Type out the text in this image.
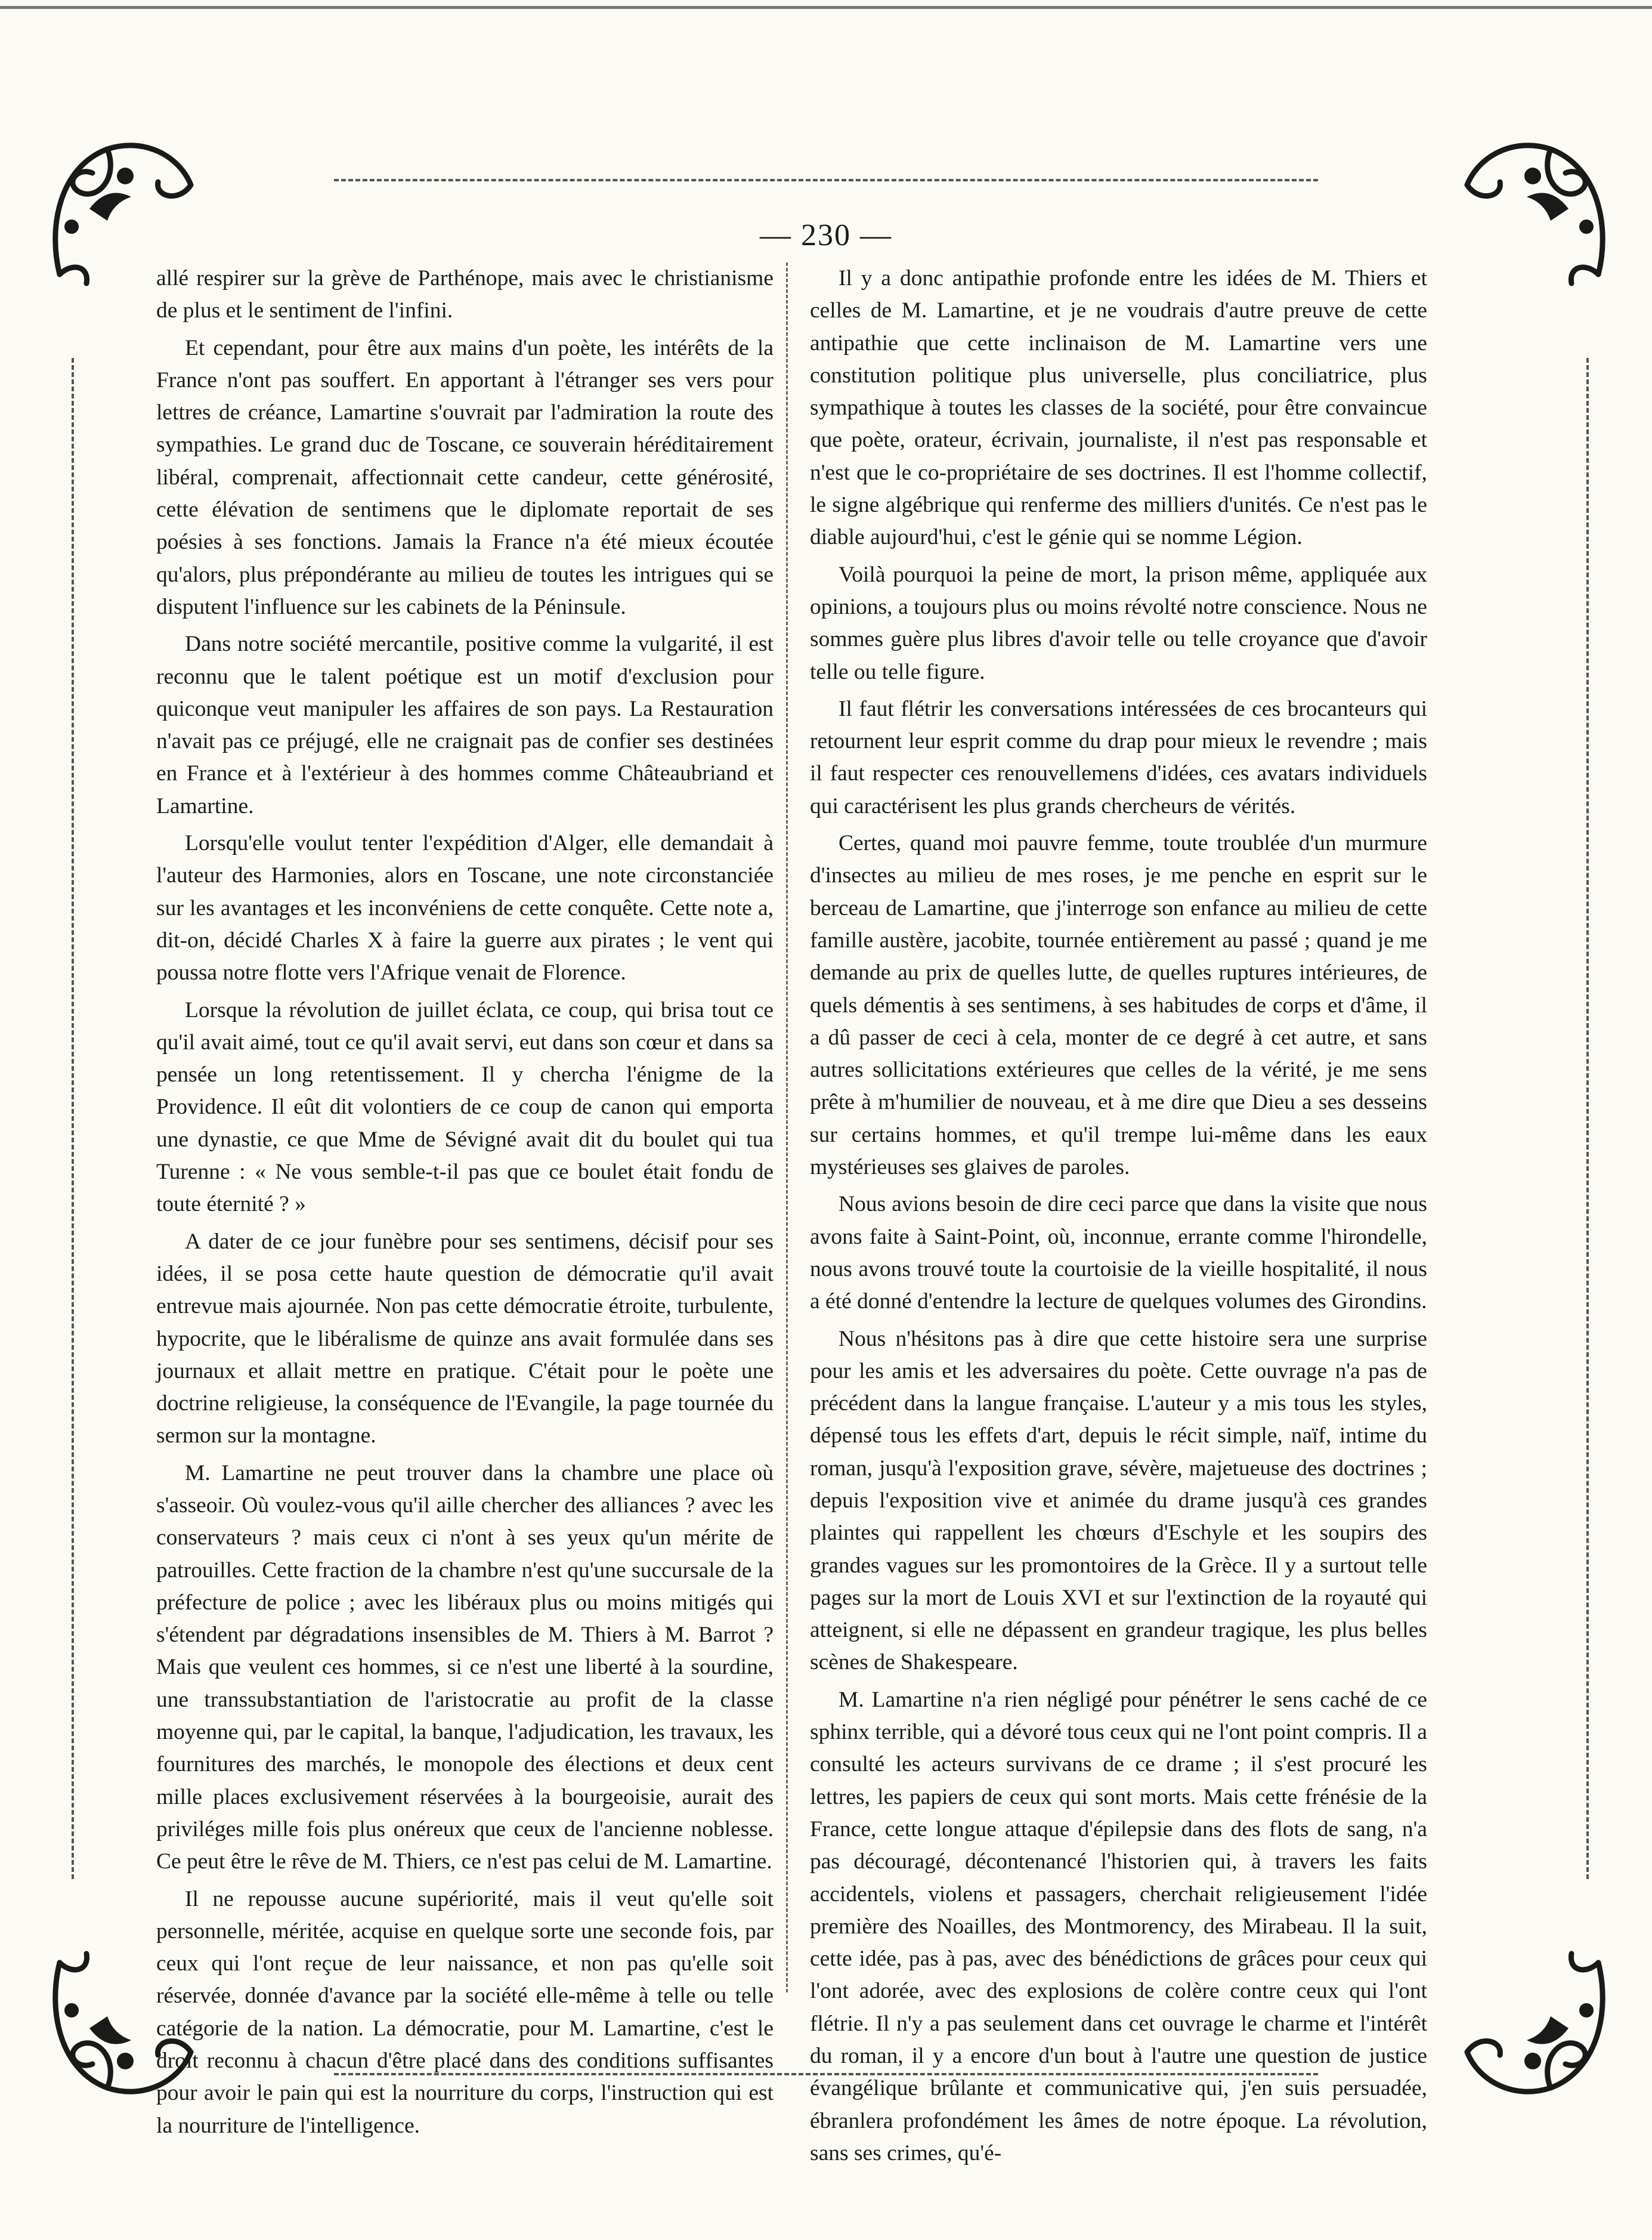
— 230 —

allé respirer sur la grève de Parthénope, mais avec le christianisme de plus et le sentiment de l'infini.

Et cependant, pour être aux mains d'un poète, les intérêts de la France n'ont pas souffert. En apportant à l'étranger ses vers pour lettres de créance, Lamartine s'ouvrait par l'admiration la route des sympathies. Le grand duc de Toscane, ce souverain héréditairement libéral, comprenait, affectionnait cette candeur, cette générosité, cette élévation de sentimens que le diplomate reportait de ses poésies à ses fonctions. Jamais la France n'a été mieux écoutée qu'alors, plus prépondérante au milieu de toutes les intrigues qui se disputent l'influence sur les cabinets de la Péninsule.

Dans notre société mercantile, positive comme la vulgarité, il est reconnu que le talent poétique est un motif d'exclusion pour quiconque veut manipuler les affaires de son pays. La Restauration n'avait pas ce préjugé, elle ne craignait pas de confier ses destinées en France et à l'extérieur à des hommes comme Châteaubriand et Lamartine.

Lorsqu'elle voulut tenter l'expédition d'Alger, elle demandait à l'auteur des Harmonies, alors en Toscane, une note circonstanciée sur les avantages et les inconvéniens de cette conquête. Cette note a, dit-on, décidé Charles X à faire la guerre aux pirates ; le vent qui poussa notre flotte vers l'Afrique venait de Florence.

Lorsque la révolution de juillet éclata, ce coup, qui brisa tout ce qu'il avait aimé, tout ce qu'il avait servi, eut dans son cœur et dans sa pensée un long retentissement. Il y chercha l'énigme de la Providence. Il eût dit volontiers de ce coup de canon qui emporta une dynastie, ce que Mme de Sévigné avait dit du boulet qui tua Turenne : « Ne vous semble-t-il pas que ce boulet était fondu de toute éternité ? »

A dater de ce jour funèbre pour ses sentimens, décisif pour ses idées, il se posa cette haute question de démocratie qu'il avait entrevue mais ajournée. Non pas cette démocratie étroite, turbulente, hypocrite, que le libéralisme de quinze ans avait formulée dans ses journaux et allait mettre en pratique. C'était pour le poète une doctrine religieuse, la conséquence de l'Evangile, la page tournée du sermon sur la montagne.

M. Lamartine ne peut trouver dans la chambre une place où s'asseoir. Où voulez-vous qu'il aille chercher des alliances ? avec les conservateurs ? mais ceux ci n'ont à ses yeux qu'un mérite de patrouilles. Cette fraction de la chambre n'est qu'une succursale de la préfecture de police ; avec les libéraux plus ou moins mitigés qui s'étendent par dégradations insensibles de M. Thiers à M. Barrot ? Mais que veulent ces hommes, si ce n'est une liberté à la sourdine, une transsubstantiation de l'aristocratie au profit de la classe moyenne qui, par le capital, la banque, l'adjudication, les travaux, les fournitures des marchés, le monopole des élections et deux cent mille places exclusivement réservées à la bourgeoisie, aurait des priviléges mille fois plus onéreux que ceux de l'ancienne noblesse. Ce peut être le rêve de M. Thiers, ce n'est pas celui de M. Lamartine.

Il ne repousse aucune supériorité, mais il veut qu'elle soit personnelle, méritée, acquise en quelque sorte une seconde fois, par ceux qui l'ont reçue de leur naissance, et non pas qu'elle soit réservée, donnée d'avance par la société elle-même à telle ou telle catégorie de la nation. La démocratie, pour M. Lamartine, c'est le droit reconnu à chacun d'être placé dans des conditions suffisantes pour avoir le pain qui est la nourriture du corps, l'instruction qui est la nourriture de l'intelligence.

Il y a donc antipathie profonde entre les idées de M. Thiers et celles de M. Lamartine, et je ne voudrais d'autre preuve de cette antipathie que cette inclinaison de M. Lamartine vers une constitution politique plus universelle, plus conciliatrice, plus sympathique à toutes les classes de la société, pour être convaincue que poète, orateur, écrivain, journaliste, il n'est pas responsable et n'est que le co-propriétaire de ses doctrines. Il est l'homme collectif, le signe algébrique qui renferme des milliers d'unités. Ce n'est pas le diable aujourd'hui, c'est le génie qui se nomme Légion.

Voilà pourquoi la peine de mort, la prison même, appliquée aux opinions, a toujours plus ou moins révolté notre conscience. Nous ne sommes guère plus libres d'avoir telle ou telle croyance que d'avoir telle ou telle figure.

Il faut flétrir les conversations intéressées de ces brocanteurs qui retournent leur esprit comme du drap pour mieux le revendre ; mais il faut respecter ces renouvellemens d'idées, ces avatars individuels qui caractérisent les plus grands chercheurs de vérités.

Certes, quand moi pauvre femme, toute troublée d'un murmure d'insectes au milieu de mes roses, je me penche en esprit sur le berceau de Lamartine, que j'interroge son enfance au milieu de cette famille austère, jacobite, tournée entièrement au passé ; quand je me demande au prix de quelles lutte, de quelles ruptures intérieures, de quels démentis à ses sentimens, à ses habitudes de corps et d'âme, il a dû passer de ceci à cela, monter de ce degré à cet autre, et sans autres sollicitations extérieures que celles de la vérité, je me sens prête à m'humilier de nouveau, et à me dire que Dieu a ses desseins sur certains hommes, et qu'il trempe lui-même dans les eaux mystérieuses ses glaives de paroles.

Nous avions besoin de dire ceci parce que dans la visite que nous avons faite à Saint-Point, où, inconnue, errante comme l'hirondelle, nous avons trouvé toute la courtoisie de la vieille hospitalité, il nous a été donné d'entendre la lecture de quelques volumes des Girondins.

Nous n'hésitons pas à dire que cette histoire sera une surprise pour les amis et les adversaires du poète. Cette ouvrage n'a pas de précédent dans la langue française. L'auteur y a mis tous les styles, dépensé tous les effets d'art, depuis le récit simple, naïf, intime du roman, jusqu'à l'exposition grave, sévère, majetueuse des doctrines ; depuis l'exposition vive et animée du drame jusqu'à ces grandes plaintes qui rappellent les chœurs d'Eschyle et les soupirs des grandes vagues sur les promontoires de la Grèce. Il y a surtout telle pages sur la mort de Louis XVI et sur l'extinction de la royauté qui atteignent, si elle ne dépassent en grandeur tragique, les plus belles scènes de Shakespeare.

M. Lamartine n'a rien négligé pour pénétrer le sens caché de ce sphinx terrible, qui a dévoré tous ceux qui ne l'ont point compris. Il a consulté les acteurs survivans de ce drame ; il s'est procuré les lettres, les papiers de ceux qui sont morts. Mais cette frénésie de la France, cette longue attaque d'épilepsie dans des flots de sang, n'a pas découragé, décontenancé l'historien qui, à travers les faits accidentels, violens et passagers, cherchait religieusement l'idée première des Noailles, des Montmorency, des Mirabeau. Il la suit, cette idée, pas à pas, avec des bénédictions de grâces pour ceux qui l'ont adorée, avec des explosions de colère contre ceux qui l'ont flétrie. Il n'y a pas seulement dans cet ouvrage le charme et l'intérêt du roman, il y a encore d'un bout à l'autre une question de justice évangélique brûlante et communicative qui, j'en suis persuadée, ébranlera profondément les âmes de notre époque. La révolution, sans ses crimes, qu'é-
